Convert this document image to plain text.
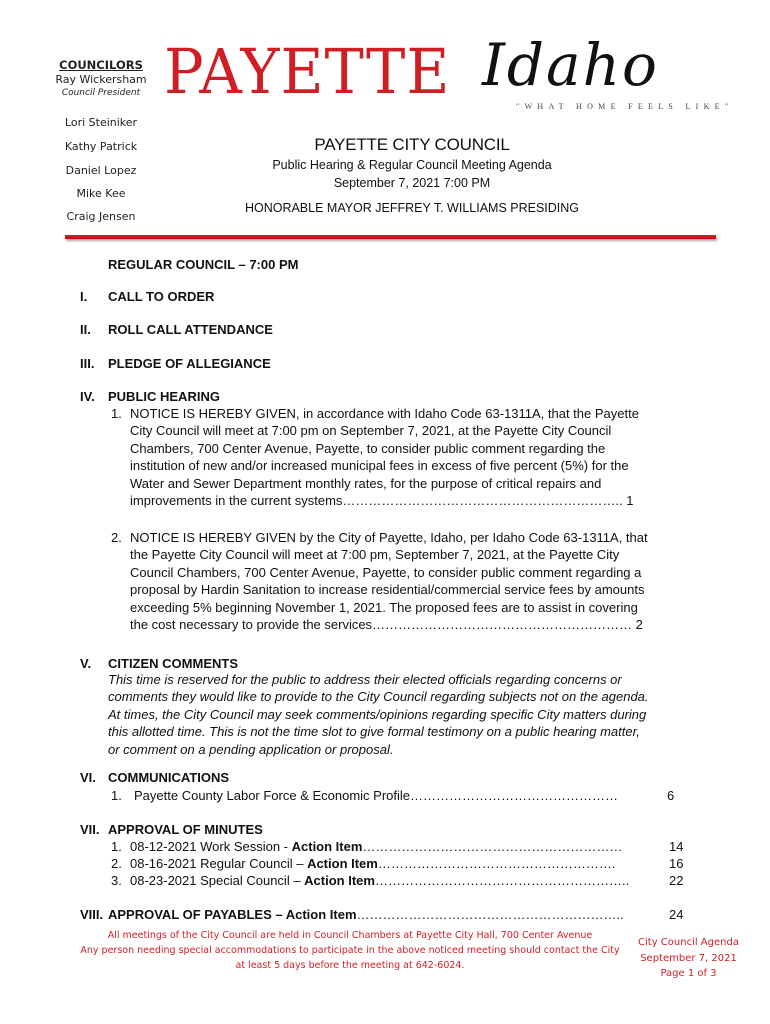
COUNCILORS
Ray Wickersham
Council President
Lori Steiniker
Kathy Patrick
Daniel Lopez
Mike Kee
Craig Jensen
PAYETTE Idaho
"WHAT HOME FEELS LIKE"
PAYETTE CITY COUNCIL
Public Hearing & Regular Council Meeting Agenda
September 7, 2021 7:00 PM
HONORABLE MAYOR JEFFREY T. WILLIAMS PRESIDING
REGULAR COUNCIL – 7:00 PM
I. CALL TO ORDER
II. ROLL CALL ATTENDANCE
III. PLEDGE OF ALLEGIANCE
IV. PUBLIC HEARING
1. NOTICE IS HEREBY GIVEN, in accordance with Idaho Code 63-1311A, that the Payette
City Council will meet at 7:00 pm on September 7, 2021, at the Payette City Council
Chambers, 700 Center Avenue, Payette, to consider public comment regarding the
institution of new and/or increased municipal fees in excess of five percent (5%) for the
Water and Sewer Department monthly rates, for the purpose of critical repairs and
improvements in the current systems……………………………………………………….. 1
2. NOTICE IS HEREBY GIVEN by the City of Payette, Idaho, per Idaho Code 63-1311A, that
the Payette City Council will meet at 7:00 pm, September 7, 2021, at the Payette City
Council Chambers, 700 Center Avenue, Payette, to consider public comment regarding a
proposal by Hardin Sanitation to increase residential/commercial service fees by amounts
exceeding 5% beginning November 1, 2021. The proposed fees are to assist in covering
the cost necessary to provide the services…………………………………………………… 2
V. CITIZEN COMMENTS
This time is reserved for the public to address their elected officials regarding concerns or
comments they would like to provide to the City Council regarding subjects not on the agenda.
At times, the City Council may seek comments/opinions regarding specific City matters during
this allotted time. This is not the time slot to give formal testimony on a public hearing matter,
or comment on a pending application or proposal.
VI. COMMUNICATIONS
1. Payette County Labor Force & Economic Profile…………………………………………	6
VII. APPROVAL OF MINUTES
1. 08-12-2021 Work Session - Action Item……………………………………………………	14
2. 08-16-2021 Regular Council – Action Item……………………………………………….	16
3. 08-23-2021 Special Council – Action Item…………………………………………………..	22
VIII. APPROVAL OF PAYABLES – Action Item……………………………………………………..	24
All meetings of the City Council are held in Council Chambers at Payette City Hall, 700 Center Avenue
Any person needing special accommodations to participate in the above noticed meeting should contact the City
at least 5 days before the meeting at 642-6024.
City Council Agenda
September 7, 2021
Page 1 of 3
